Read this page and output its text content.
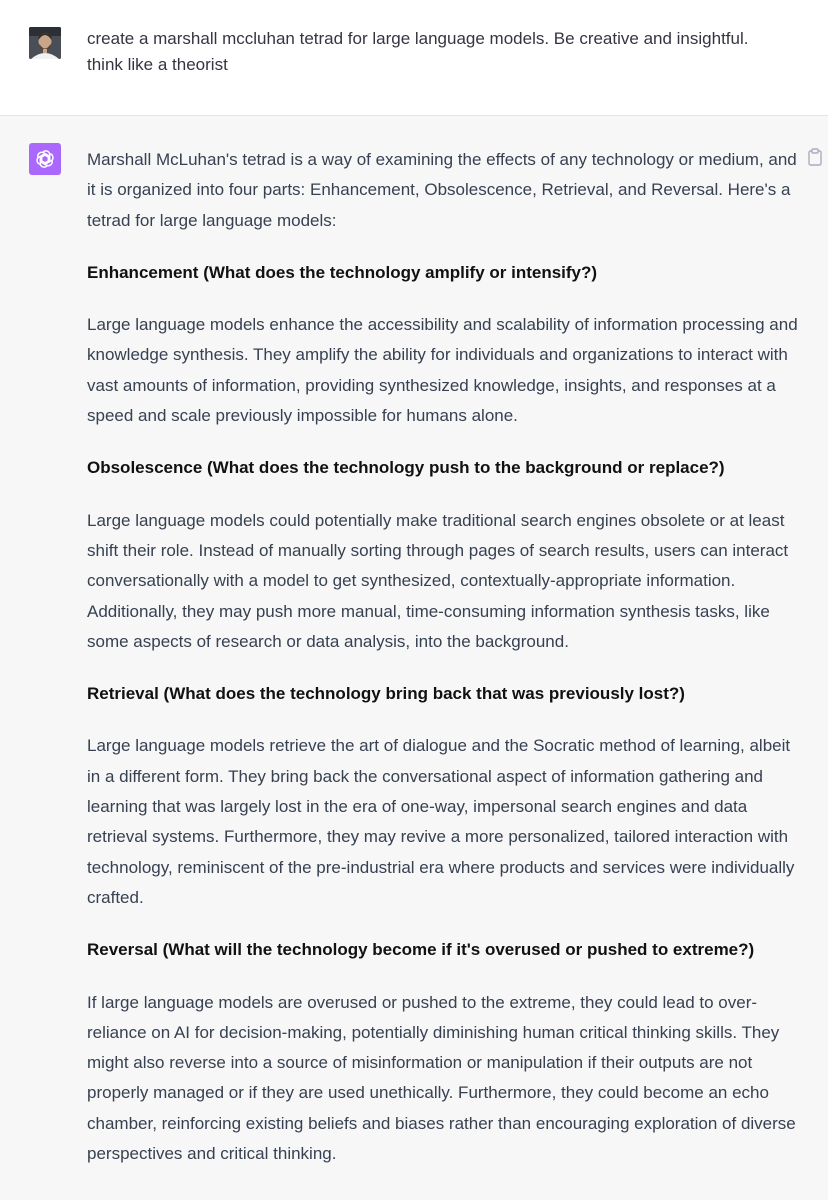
create a marshall mccluhan tetrad for large language models. Be creative and insightful. think like a theorist

Marshall McLuhan's tetrad is a way of examining the effects of any technology or medium, and it is organized into four parts: Enhancement, Obsolescence, Retrieval, and Reversal. Here's a tetrad for large language models:

Enhancement (What does the technology amplify or intensify?)

Large language models enhance the accessibility and scalability of information processing and knowledge synthesis. They amplify the ability for individuals and organizations to interact with vast amounts of information, providing synthesized knowledge, insights, and responses at a speed and scale previously impossible for humans alone.

Obsolescence (What does the technology push to the background or replace?)

Large language models could potentially make traditional search engines obsolete or at least shift their role. Instead of manually sorting through pages of search results, users can interact conversationally with a model to get synthesized, contextually-appropriate information. Additionally, they may push more manual, time-consuming information synthesis tasks, like some aspects of research or data analysis, into the background.

Retrieval (What does the technology bring back that was previously lost?)

Large language models retrieve the art of dialogue and the Socratic method of learning, albeit in a different form. They bring back the conversational aspect of information gathering and learning that was largely lost in the era of one-way, impersonal search engines and data retrieval systems. Furthermore, they may revive a more personalized, tailored interaction with technology, reminiscent of the pre-industrial era where products and services were individually crafted.

Reversal (What will the technology become if it's overused or pushed to extreme?)

If large language models are overused or pushed to the extreme, they could lead to over-reliance on AI for decision-making, potentially diminishing human critical thinking skills. They might also reverse into a source of misinformation or manipulation if their outputs are not properly managed or if they are used unethically. Furthermore, they could become an echo chamber, reinforcing existing beliefs and biases rather than encouraging exploration of diverse perspectives and critical thinking.
